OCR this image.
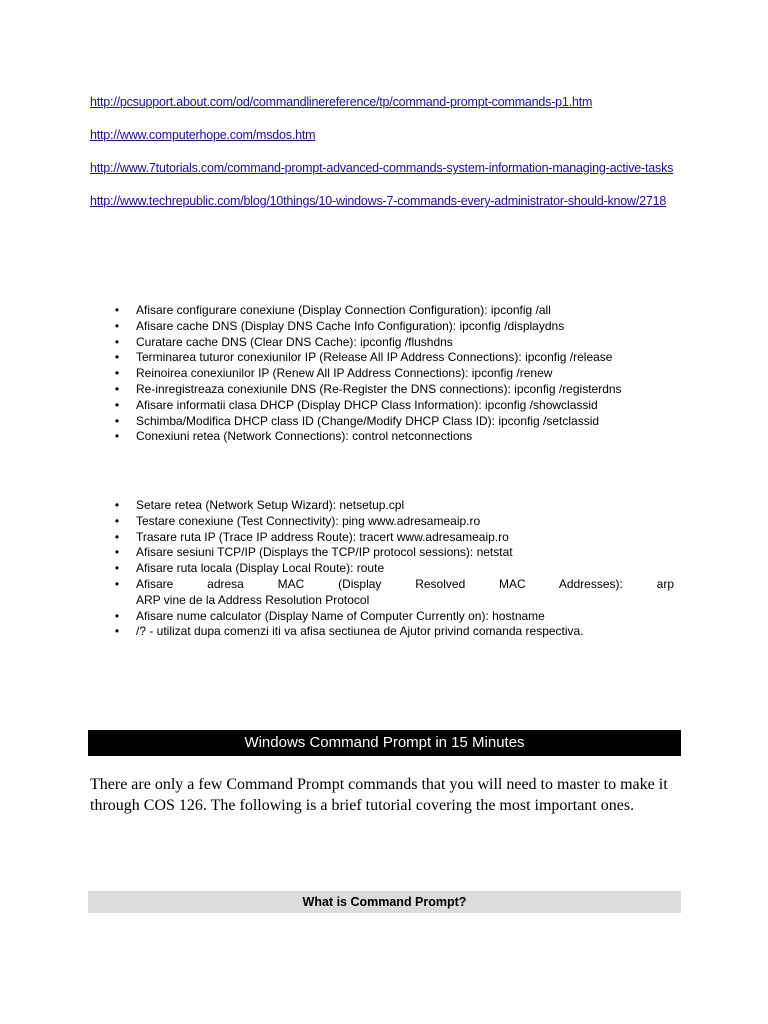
http://pcsupport.about.com/od/commandlinereference/tp/command-prompt-commands-p1.htm
http://www.computerhope.com/msdos.htm
http://www.7tutorials.com/command-prompt-advanced-commands-system-information-managing-active-tasks
http://www.techrepublic.com/blog/10things/10-windows-7-commands-every-administrator-should-know/2718
• Afisare configurare conexiune (Display Connection Configuration): ipconfig /all
• Afisare cache DNS (Display DNS Cache Info Configuration): ipconfig /displaydns
• Curatare cache DNS (Clear DNS Cache): ipconfig /flushdns
• Terminarea tuturor conexiunilor IP (Release All IP Address Connections): ipconfig /release
• Reinoirea conexiunilor IP (Renew All IP Address Connections): ipconfig /renew
• Re-inregistreaza conexiunile DNS (Re-Register the DNS connections): ipconfig /registerdns
• Afisare informatii clasa DHCP (Display DHCP Class Information): ipconfig /showclassid
• Schimba/Modifica DHCP class ID (Change/Modify DHCP Class ID): ipconfig /setclassid
• Conexiuni retea (Network Connections): control netconnections
• Setare retea (Network Setup Wizard): netsetup.cpl
• Testare conexiune (Test Connectivity): ping www.adresameaip.ro
• Trasare ruta IP (Trace IP address Route): tracert www.adresameaip.ro
• Afisare sesiuni TCP/IP (Displays the TCP/IP protocol sessions): netstat
• Afisare ruta locala (Display Local Route): route
• Afisare adresa MAC (Display Resolved MAC Addresses): arp
ARP vine de la Address Resolution Protocol
• Afisare nume calculator (Display Name of Computer Currently on): hostname
• /? - utilizat dupa comenzi iti va afisa sectiunea de Ajutor privind comanda respectiva.
Windows Command Prompt in 15 Minutes

There are only a few Command Prompt commands that you will need to master to make it through COS 126. The following is a brief tutorial covering the most important ones.

What is Command Prompt?
